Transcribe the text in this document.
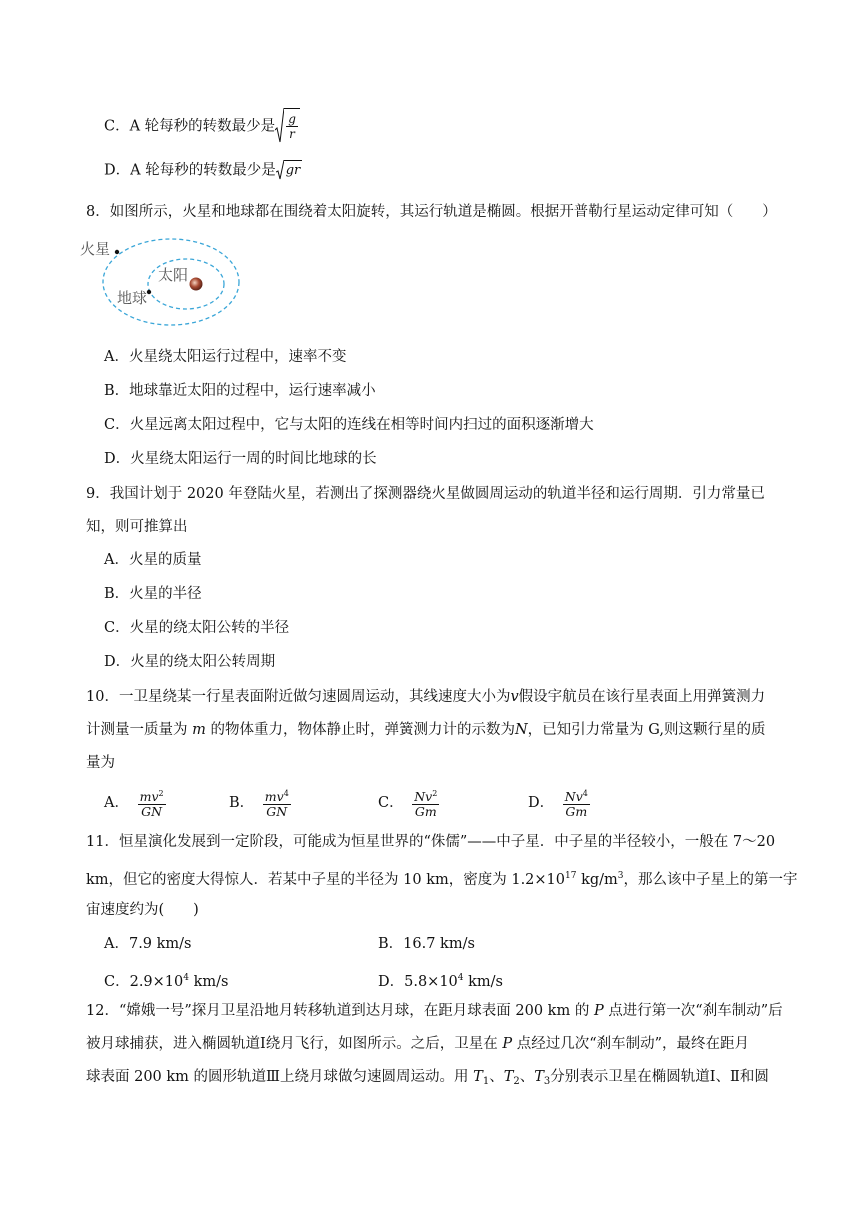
C．A 轮每秒的转数最少是 $\frac{g}{r}$
D．A 轮每秒的转数最少是 gr
8．如图所示，火星和地球都在围绕着太阳旋转，其运行轨道是椭圆。根据开普勒行星运动定律可知（　　）
火星
太阳
地球
A．火星绕太阳运行过程中，速率不变
B．地球靠近太阳的过程中，运行速率减小
C．火星远离太阳过程中，它与太阳的连线在相等时间内扫过的面积逐渐增大
D．火星绕太阳运行一周的时间比地球的长
9．我国计划于 2020 年登陆火星，若测出了探测器绕火星做圆周运动的轨道半径和运行周期．引力常量已
知，则可推算出
A．火星的质量
B．火星的半径
C．火星的绕太阳公转的半径
D．火星的绕太阳公转周期
10．一卫星绕某一行星表面附近做匀速圆周运动，其线速度大小为v假设宇航员在该行星表面上用弹簧测力
计测量一质量为 m 的物体重力，物体静止时，弹簧测力计的示数为N，已知引力常量为 G,则这颗行星的质
量为
A． $\frac{mv^2}{GN}$	B． $\frac{mv^4}{GN}$	C． $\frac{Nv^2}{Gm}$	D． $\frac{Nv^4}{Gm}$
11．恒星演化发展到一定阶段，可能成为恒星世界的“侏儒”——中子星．中子星的半径较小，一般在 7～20
km，但它的密度大得惊人．若某中子星的半径为 10 km，密度为 $1.2\times 10^{17}$ $kg/m^3$，那么该中子星上的第一宇
宙速度约为(　　)
A．7.9 km/s	B．16.7 km/s
C．$2.9\times 10^4$ km/s	D．$5.8\times 10^4$ km/s
12．“嫦娥一号”探月卫星沿地月转移轨道到达月球，在距月球表面 200 km 的 P 点进行第一次“刹车制动”后
被月球捕获，进入椭圆轨道Ⅰ绕月飞行，如图所示。之后，卫星在 P 点经过几次“刹车制动”，最终在距月
球表面 200 km 的圆形轨道Ⅲ上绕月球做匀速圆周运动。用 $T_1$、$T_2$、$T_3$分别表示卫星在椭圆轨道Ⅰ、Ⅱ和圆
